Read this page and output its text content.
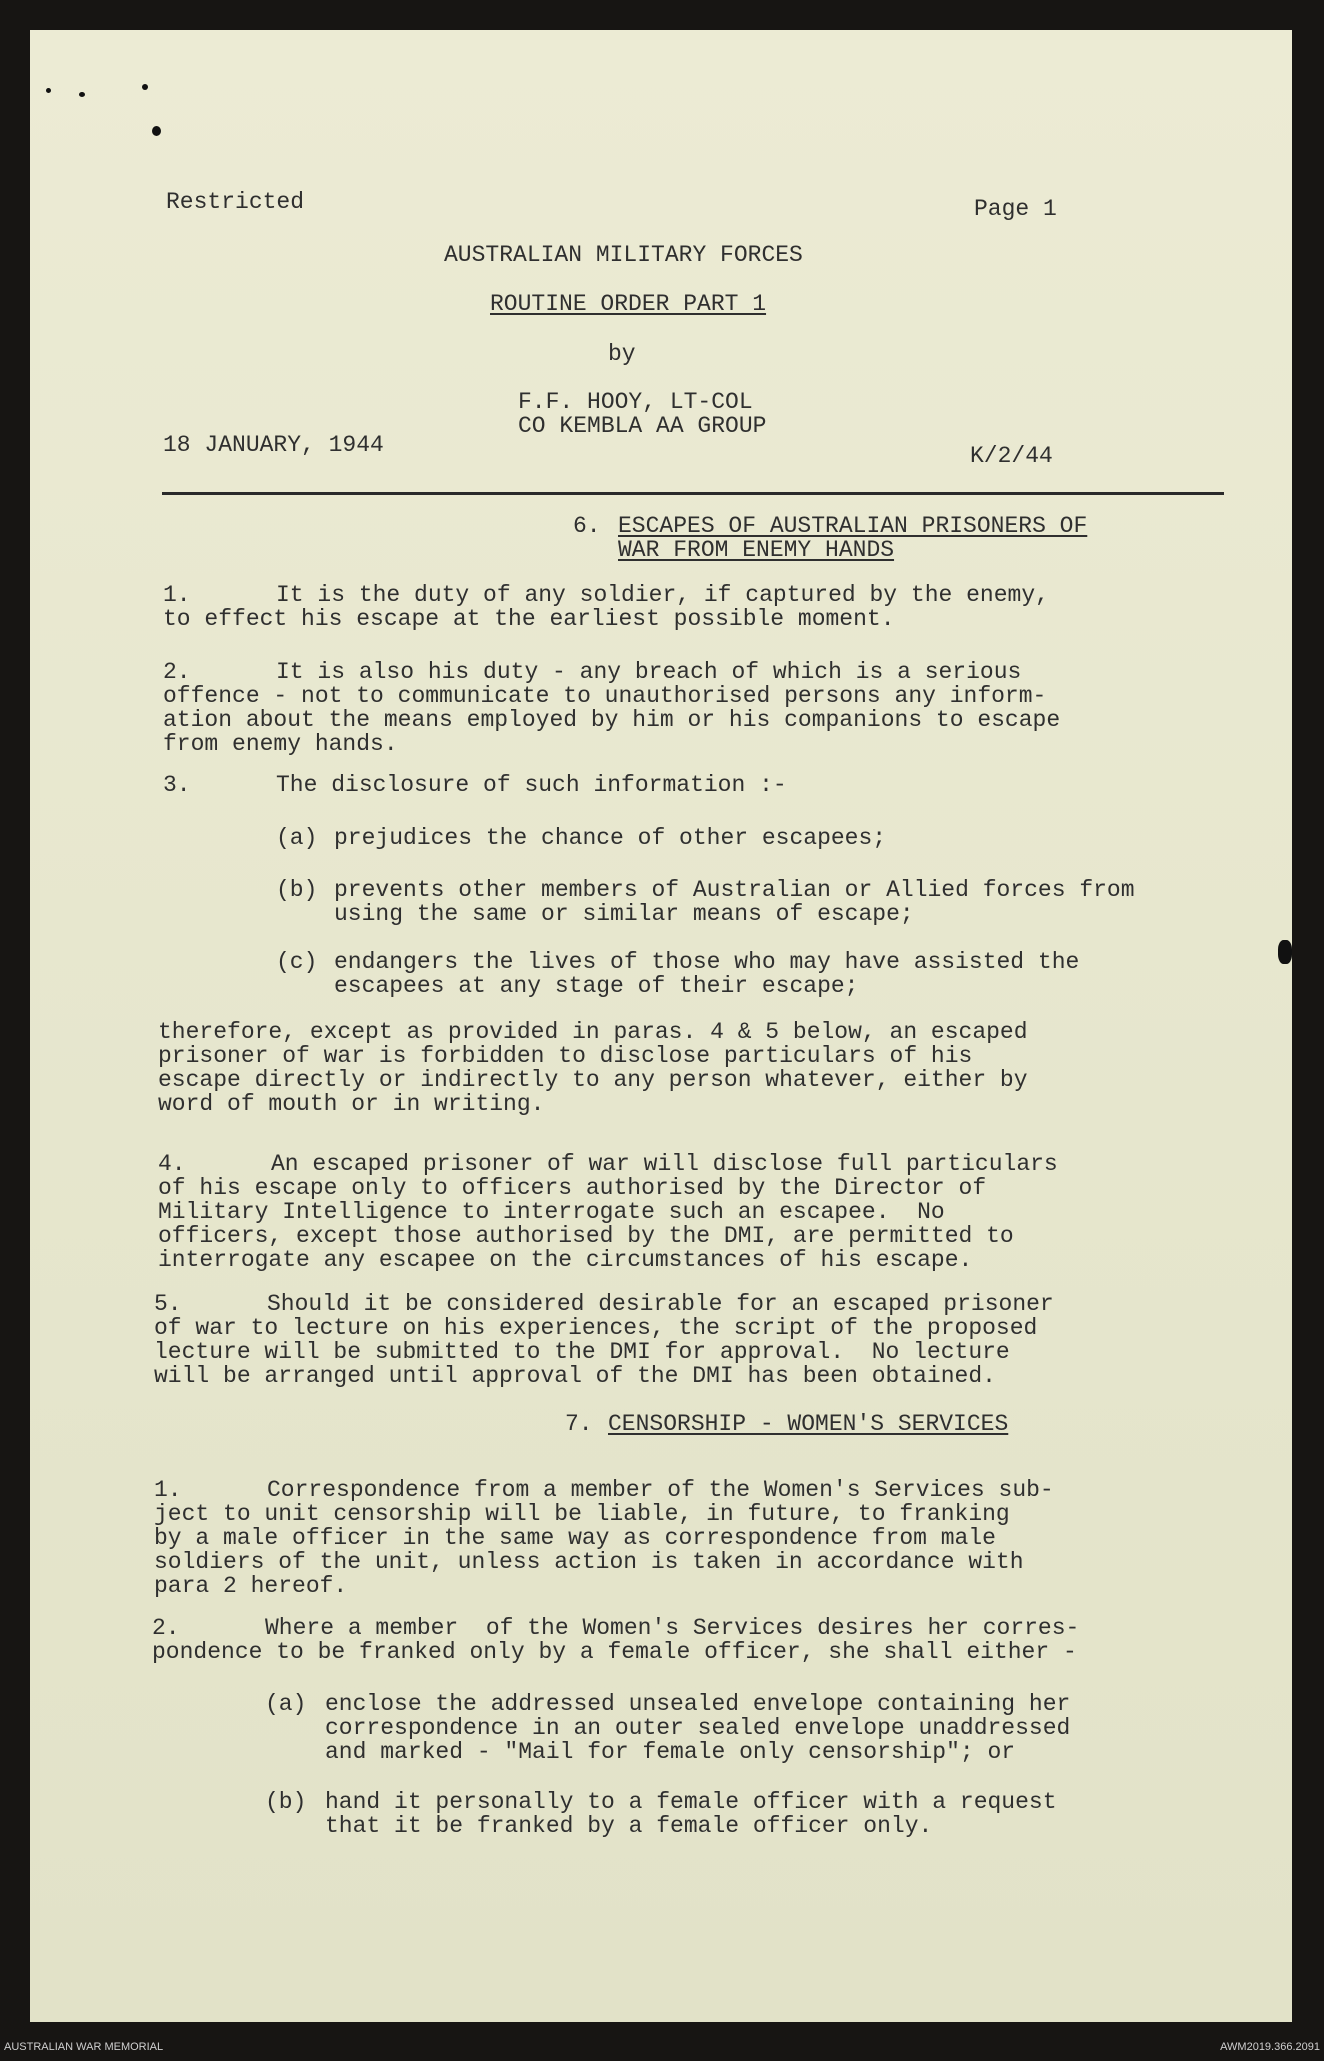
Restricted	Page 1
AUSTRALIAN MILITARY FORCES
ROUTINE ORDER PART 1
by
F.F. HOOY, LT-COL
CO KEMBLA AA GROUP
18 JANUARY, 1944	K/2/44
6. ESCAPES OF AUSTRALIAN PRISONERS OF
WAR FROM ENEMY HANDS
1.	It is the duty of any soldier, if captured by the enemy,
to effect his escape at the earliest possible moment.
2.	It is also his duty - any breach of which is a serious
offence - not to communicate to unauthorised persons any inform-
ation about the means employed by him or his companions to escape
from enemy hands.
3.	The disclosure of such information :-
(a) prejudices the chance of other escapees;
(b) prevents other members of Australian or Allied forces from
using the same or similar means of escape;
(c) endangers the lives of those who may have assisted the
escapees at any stage of their escape;
therefore, except as provided in paras. 4 & 5 below, an escaped
prisoner of war is forbidden to disclose particulars of his
escape directly or indirectly to any person whatever, either by
word of mouth or in writing.
4.	An escaped prisoner of war will disclose full particulars
of his escape only to officers authorised by the Director of
Military Intelligence to interrogate such an escapee.  No
officers, except those authorised by the DMI, are permitted to
interrogate any escapee on the circumstances of his escape.
5.	Should it be considered desirable for an escaped prisoner
of war to lecture on his experiences, the script of the proposed
lecture will be submitted to the DMI for approval.  No lecture
will be arranged until approval of the DMI has been obtained.
7. CENSORSHIP - WOMEN'S SERVICES
1.	Correspondence from a member of the Women's Services sub-
ject to unit censorship will be liable, in future, to franking
by a male officer in the same way as correspondence from male
soldiers of the unit, unless action is taken in accordance with
para 2 hereof.
2.	Where a member  of the Women's Services desires her corres-
pondence to be franked only by a female officer, she shall either -
(a) enclose the addressed unsealed envelope containing her
correspondence in an outer sealed envelope unaddressed
and marked - "Mail for female only censorship"; or
(b) hand it personally to a female officer with a request
that it be franked by a female officer only.
AUSTRALIAN WAR MEMORIAL	AWM2019.366.2091
